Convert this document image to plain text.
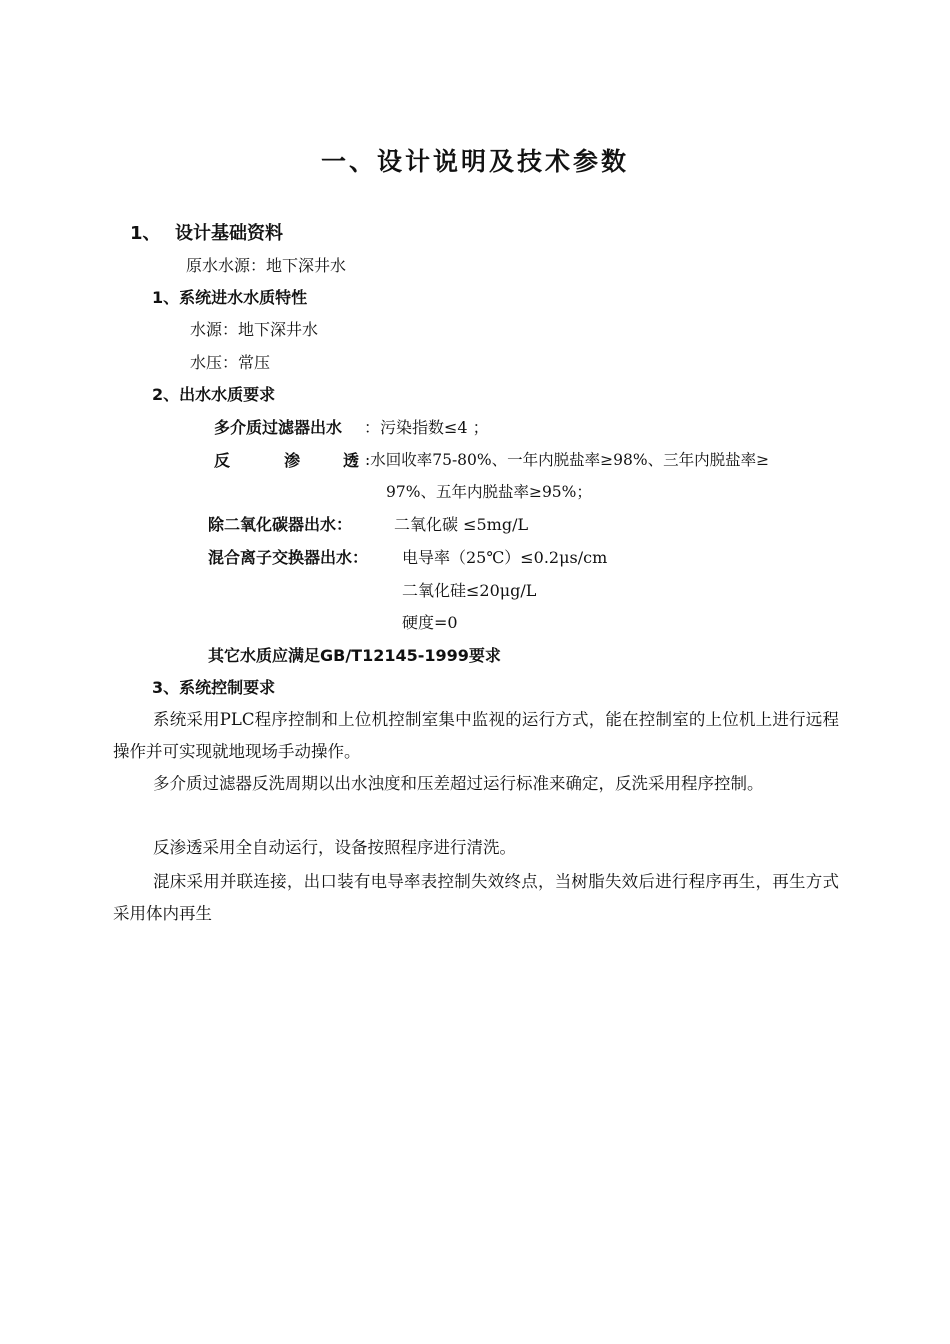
一、设计说明及技术参数
1、 设计基础资料
原水水源：地下深井水
1、系统进水水质特性
水源：地下深井水
水压：常压
2、出水水质要求
多介质过滤器出水 ：污染指数≤4 ；
反	渗	透 :水回收率75-80%、一年内脱盐率≥98%、三年内脱盐率≥
97%、五年内脱盐率≥95%；
除二氧化碳器出水：	二氧化碳 ≤5mg/L
混合离子交换器出水： 电导率（25℃）≤0.2μs/cm
二氧化硅≤20μg/L
硬度=0
其它水质应满足GB/T12145-1999要求
3、系统控制要求
系统采用PLC程序控制和上位机控制室集中监视的运行方式，能在控制室的上位机上进行远程操作并可实现就地现场手动操作。
多介质过滤器反洗周期以出水浊度和压差超过运行标准来确定，反洗采用程序控制。
反渗透采用全自动运行，设备按照程序进行清洗。
混床采用并联连接，出口装有电导率表控制失效终点，当树脂失效后进行程序再生，再生方式采用体内再生
